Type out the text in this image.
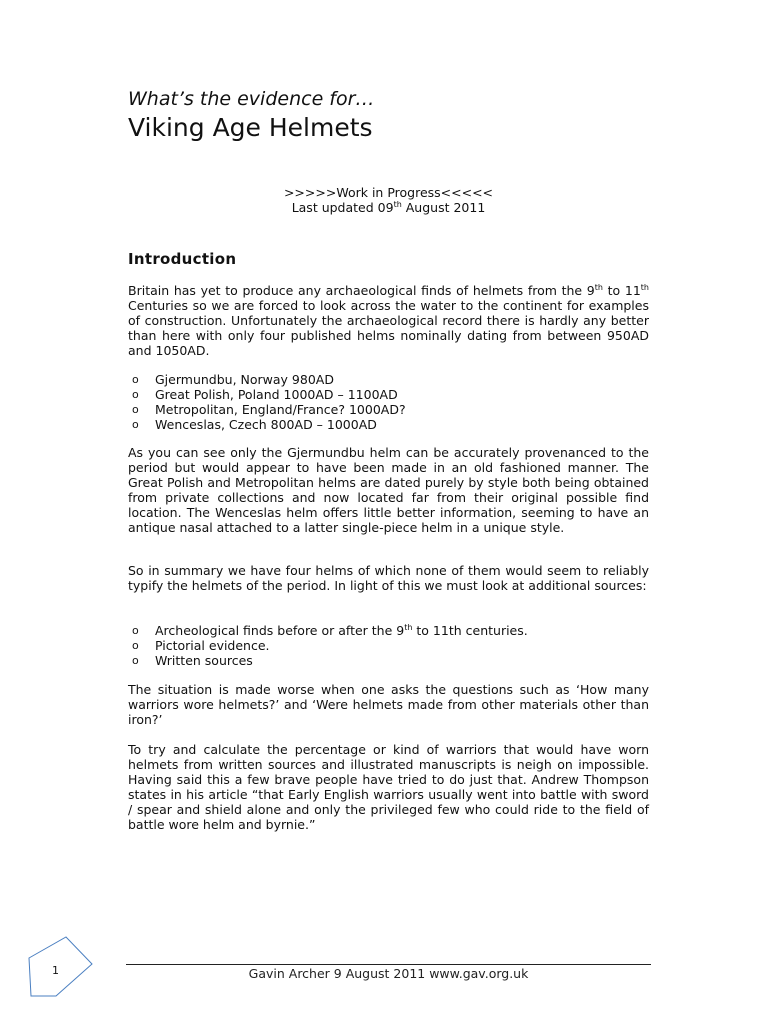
What’s the evidence for…
Viking Age Helmets
>>>>>Work in Progress<<<<<
Last updated 09th August 2011
Introduction

Britain has yet to produce any archaeological finds of helmets from the 9th to 11th Centuries so we are forced to look across the water to the continent for examples of construction. Unfortunately the archaeological record there is hardly any better than here with only four published helms nominally dating from between 950AD and 1050AD.

o Gjermundbu, Norway 980AD
o Great Polish, Poland 1000AD – 1100AD
o Metropolitan, England/France? 1000AD?
o Wenceslas, Czech 800AD – 1000AD

As you can see only the Gjermundbu helm can be accurately provenanced to the period but would appear to have been made in an old fashioned manner. The Great Polish and Metropolitan helms are dated purely by style both being obtained from private collections and now located far from their original possible find location. The Wenceslas helm offers little better information, seeming to have an antique nasal attached to a latter single-piece helm in a unique style.

So in summary we have four helms of which none of them would seem to reliably typify the helmets of the period. In light of this we must look at additional sources:

o Archeological finds before or after the 9th to 11th centuries.
o Pictorial evidence.
o Written sources

The situation is made worse when one asks the questions such as ‘How many warriors wore helmets?’ and ‘Were helmets made from other materials other than iron?’

To try and calculate the percentage or kind of warriors that would have worn helmets from written sources and illustrated manuscripts is neigh on impossible. Having said this a few brave people have tried to do just that. Andrew Thompson states in his article “that Early English warriors usually went into battle with sword / spear and shield alone and only the privileged few who could ride to the field of battle wore helm and byrnie.”

1	Gavin Archer 9 August 2011 www.gav.org.uk
